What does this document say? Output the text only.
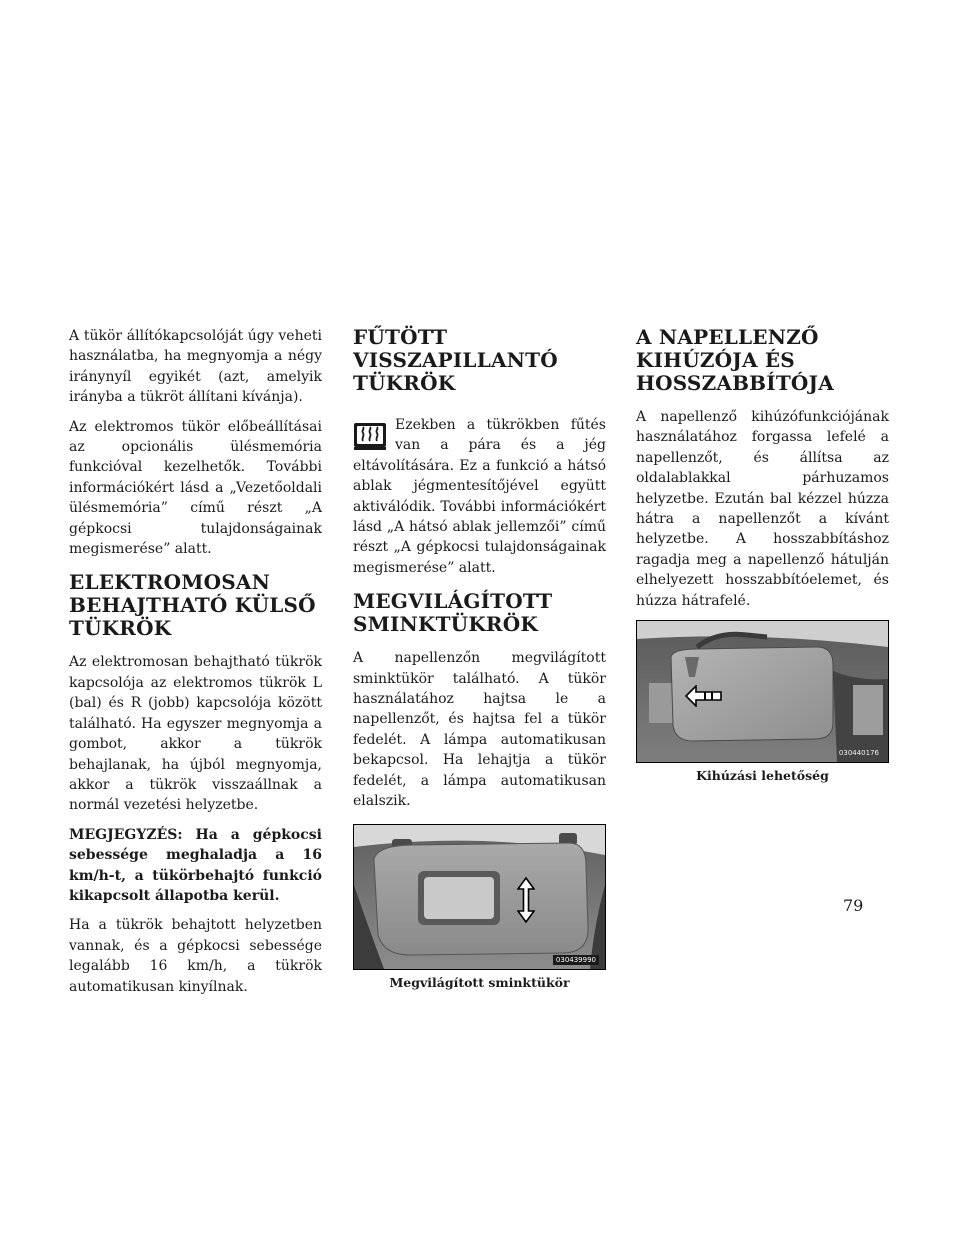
A tükör állítókapcsolóját úgy veheti használatba, ha megnyomja a négy iránynyíl egyikét (azt, amelyik irányba a tükröt állítani kívánja).

Az elektromos tükör előbeállításai az opcionális ülésmemória funkcióval kezelhetők. További információkért lásd a „Vezetőoldali ülésmemória” című részt „A gépkocsi tulajdonságainak megismerése” alatt.

ELEKTROMOSAN BEHAJTHATÓ KÜLSŐ TÜKRÖK

Az elektromosan behajtható tükrök kapcsolója az elektromos tükrök L (bal) és R (jobb) kapcsolója között található. Ha egyszer megnyomja a gombot, akkor a tükrök behajlanak, ha újból megnyomja, akkor a tükrök visszaállnak a normál vezetési helyzetbe.

MEGJEGYZÉS: Ha a gépkocsi sebessége meghaladja a 16 km/h-t, a tükörbehajtó funkció kikapcsolt állapotba kerül.

Ha a tükrök behajtott helyzetben vannak, és a gépkocsi sebessége legalább 16 km/h, a tükrök automatikusan kinyílnak.

FŰTÖTT VISSZAPILLANTÓ TÜKRÖK

Ezekben a tükrökben fűtés van a pára és a jég eltávolítására. Ez a funkció a hátsó ablak jégmentesítőjével együtt aktiválódik. További információkért lásd „A hátsó ablak jellemzői” című részt „A gépkocsi tulajdonságainak megismerése” alatt.

MEGVILÁGÍTOTT SMINKTÜKRÖK

A napellenzőn megvilágított sminktükör található. A tükör használatához hajtsa le a napellenzőt, és hajtsa fel a tükör fedelét. A lámpa automatikusan bekapcsol. Ha lehajtja a tükör fedelét, a lámpa automatikusan elalszik.

030439990
Megvilágított sminktükör
A NAPELLENZŐ KIHÚZÓJA ÉS HOSSZABBÍTÓJA

A napellenző kihúzófunkciójának használatához forgassa lefelé a napellenzőt, és állítsa az oldalablakkal párhuzamos helyzetbe. Ezután bal kézzel húzza hátra a napellenzőt a kívánt helyzetbe. A hosszabbításhoz ragadja meg a napellenző hátulján elhelyezett hosszabbítóelemet, és húzza hátrafelé.

030440176
Kihúzási lehetőség
79
